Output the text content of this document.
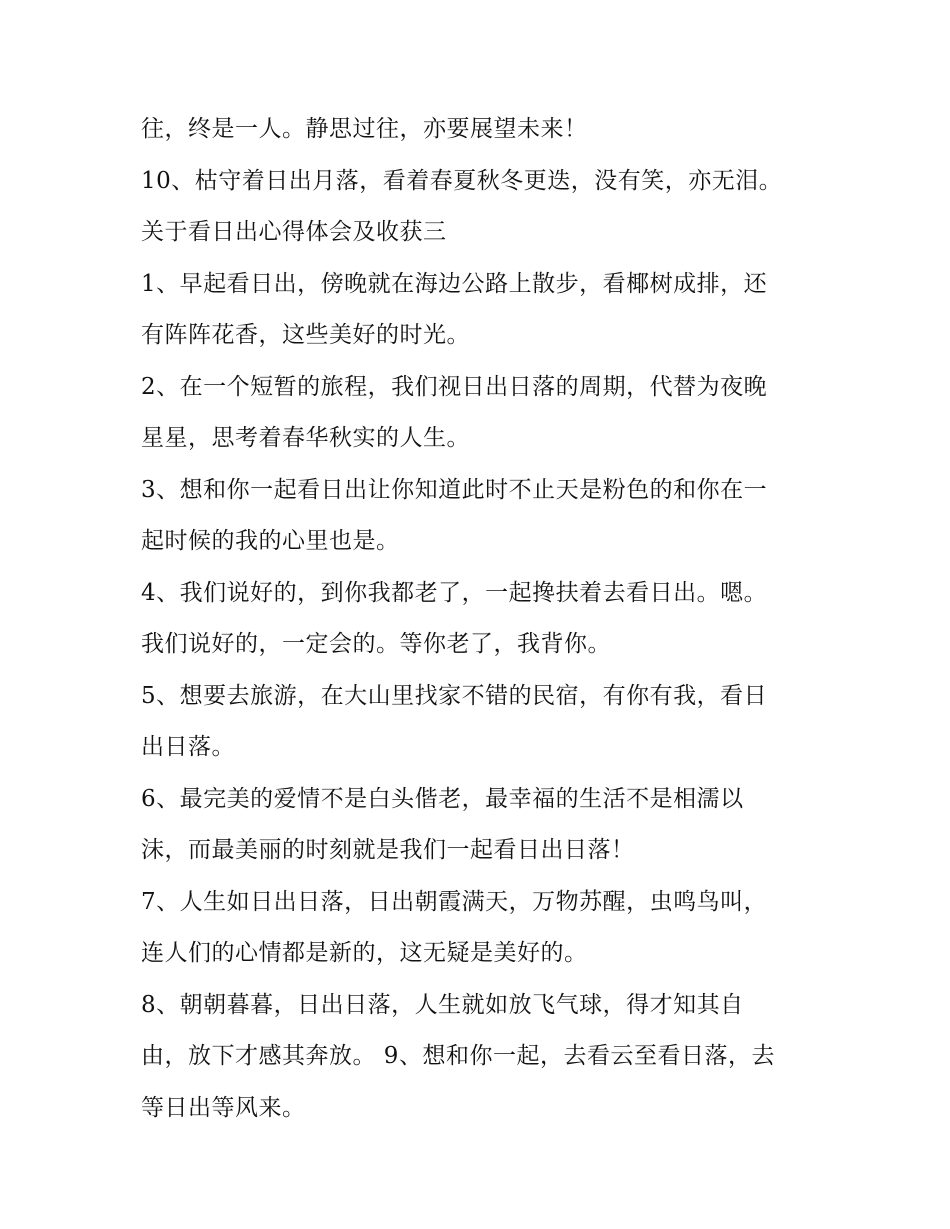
往，终是一人。静思过往，亦要展望未来！
10、枯守着日出月落，看着春夏秋冬更迭，没有笑，亦无泪。
关于看日出心得体会及收获三
1、早起看日出，傍晚就在海边公路上散步，看椰树成排，还
有阵阵花香，这些美好的时光。
2、在一个短暂的旅程，我们视日出日落的周期，代替为夜晚
星星，思考着春华秋实的人生。
3、想和你一起看日出让你知道此时不止天是粉色的和你在一
起时候的我的心里也是。
4、我们说好的，到你我都老了，一起搀扶着去看日出。嗯。
我们说好的，一定会的。等你老了，我背你。
5、想要去旅游，在大山里找家不错的民宿，有你有我，看日
出日落。
6、最完美的爱情不是白头偕老，最幸福的生活不是相濡以
沫，而最美丽的时刻就是我们一起看日出日落！
7、人生如日出日落，日出朝霞满天，万物苏醒，虫鸣鸟叫，
连人们的心情都是新的，这无疑是美好的。
8、朝朝暮暮，日出日落，人生就如放飞气球，得才知其自
由，放下才感其奔放。 9、想和你一起，去看云至看日落，去
等日出等风来。
